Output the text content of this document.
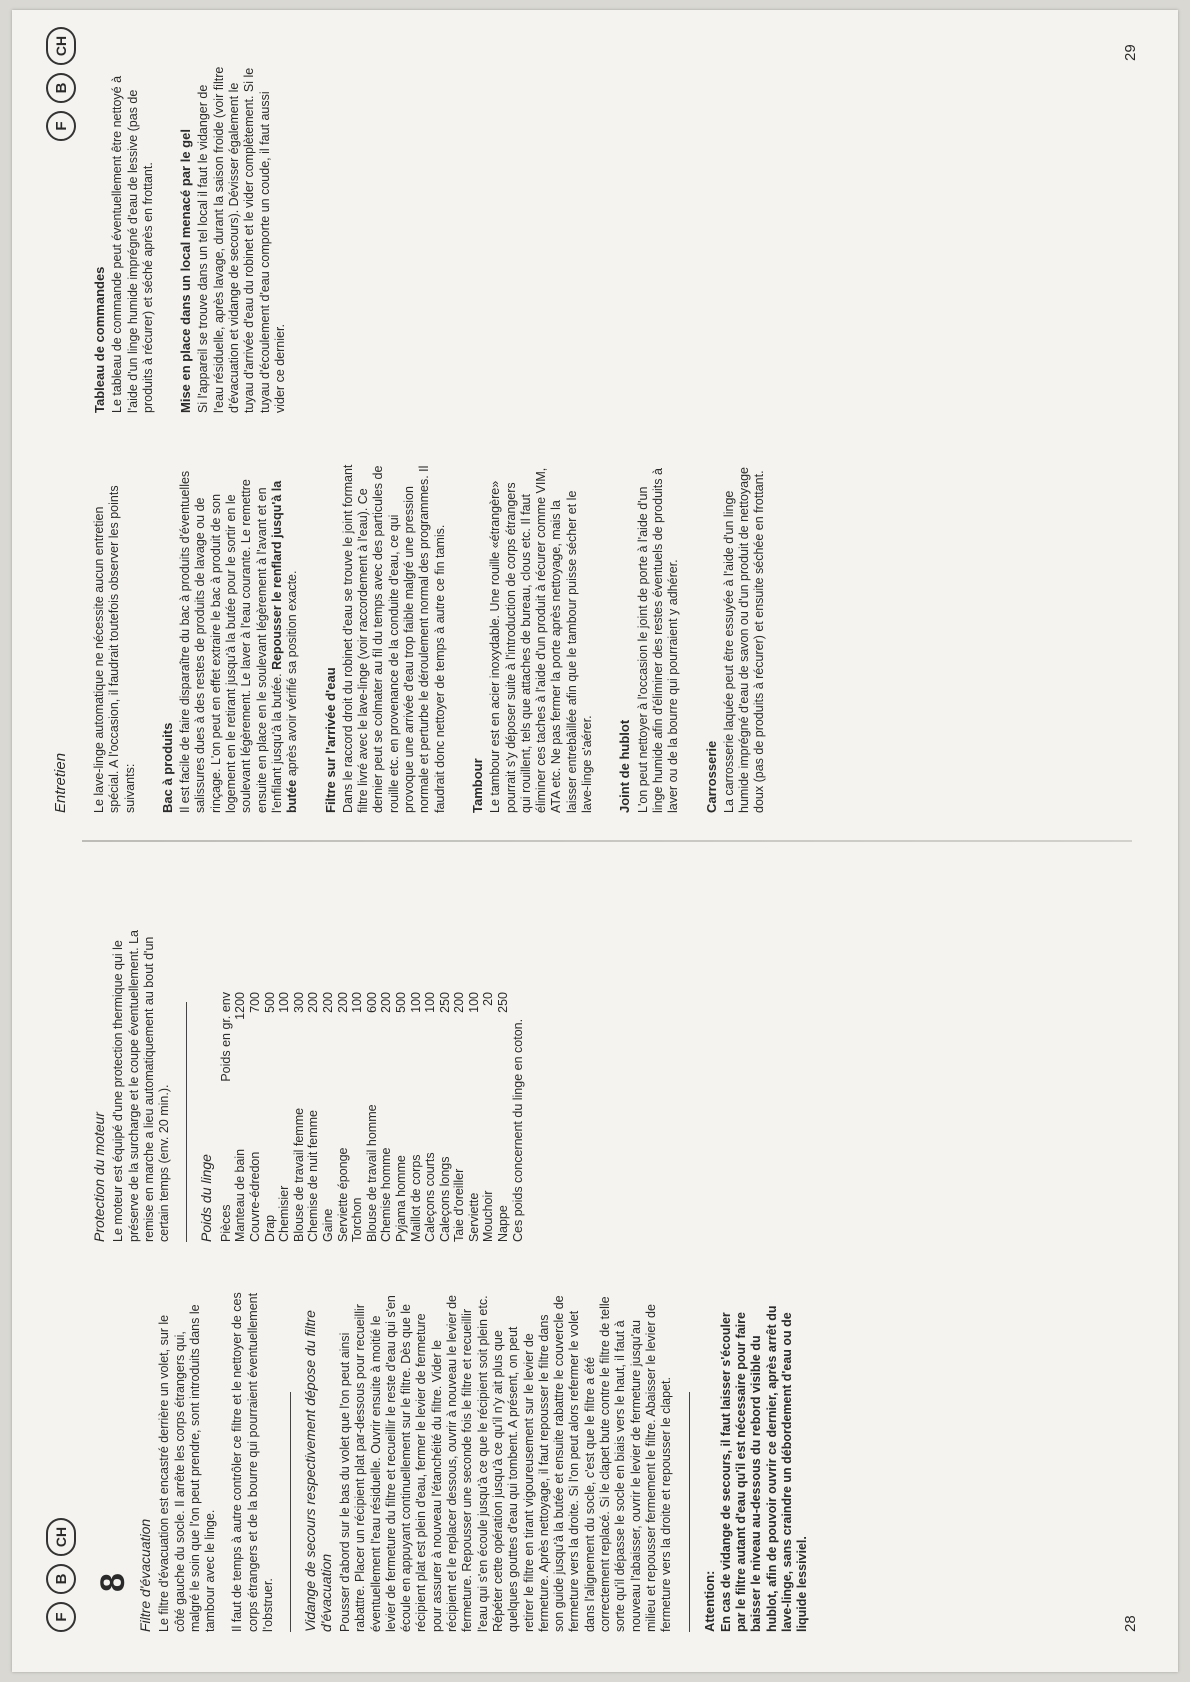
F
B
CH
8 Filtre d'évacuation Le filtre d'évacuation est encastré derrière un volet, sur le côté gauche du socle. Il arrête les corps étrangers qui, malgré le soin que l'on peut prendre, sont introduits dans le tambour avec le linge. Il faut de temps à autre contrôler ce filtre et le nettoyer de ces corps étrangers et de la bourre qui pourraient éventuellement l'obstruer. Vidange de secours respectivement dépose du filtre d'évacuation Pousser d'abord sur le bas du volet que l'on peut ainsi rabattre. Placer un récipient plat par-dessous pour recueillir éventuellement l'eau résiduelle. Ouvrir ensuite à moitié le levier de fermeture du filtre et recueillir le reste d'eau qui s'en écoule en appuyant continuellement sur le filtre. Dès que le récipient plat est plein d'eau, fermer le levier de fermeture pour assurer à nouveau l'étanchéité du filtre. Vider le récipient et le replacer dessous, ouvrir à nouveau le levier de fermeture. Repousser une seconde fois le filtre et recueillir l'eau qui s'en écoule jusqu'à ce que le récipient soit plein etc. Répéter cette opération jusqu'à ce qu'il n'y ait plus que quelques gouttes d'eau qui tombent. A présent, on peut retirer le filtre en tirant vigoureusement sur le levier de fermeture. Après nettoyage, il faut repousser le filtre dans son guide jusqu'à la butée et ensuite rabattre le couvercle de fermeture vers la droite. Si l'on peut alors refermer le volet dans l'alignement du socle, c'est que le filtre a été correctement replacé. Si le clapet bute contre le filtre de telle sorte qu'il dépasse le socle en biais vers le haut, il faut à nouveau l'abaisser, ouvrir le levier de fermeture jusqu'au milieu et repousser fermement le filtre. Abaisser le levier de fermeture vers la droite et repousser le clapet. Attention: En cas de vidange de secours, il faut laisser s'écouler par le filtre autant d'eau qu'il est nécessaire pour faire baisser le niveau au-dessous du rebord visible du hublot, afin de pouvoir ouvrir ce dernier, après arrêt du lave-linge, sans craindre un débordement d'eau ou de liquide lessiviel.

Protection du moteur Le moteur est équipé d'une protection thermique qui le préserve de la surcharge et le coupe éventuellement. La remise en marche a lieu automatiquement au bout d'un certain temps (env. 20 min.). Poids du linge Pièces	Poids en gr. env
Manteau de bain	1200
Couvre-édredon	700
Drap	500
Chemisier	100
Blouse de travail femme	300
Chemise de nuit femme	200
Gaine	200
Serviette éponge	200
Torchon	100
Blouse de travail homme	600
Chemise homme	200
Pyjama homme	500
Maillot de corps	100
Caleçons courts	100
Caleçons longs	250
Taie d'oreiller	200
Serviette	100
Mouchoir	20
Nappe	250

Ces poids concernent du linge en coton.

28
Entretien
F
B
CH

Le lave-linge automatique ne nécessite aucun entretien spécial. A l'occasion, il faudrait toutefois observer les points suivants: Bac à produits Il est facile de faire disparaître du bac à produits d'éventuelles salissures dues à des restes de produits de lavage ou de rinçage. L'on peut en effet extraire le bac à produit de son logement en le retirant jusqu'à la butée pour le sortir en le soulevant légèrement. Le laver à l'eau courante. Le remettre ensuite en place en le soulevant légèrement à l'avant et en l'enfilant jusqu'à la butée. Repousser le renflard jusqu'à la butée après avoir vérifié sa position exacte. Filtre sur l'arrivée d'eau Dans le raccord droit du robinet d'eau se trouve le joint formant filtre livré avec le lave-linge (voir raccordement à l'eau). Ce dernier peut se colmater au fil du temps avec des particules de rouille etc. en provenance de la conduite d'eau, ce qui provoque une arrivée d'eau trop faible malgré une pression normale et perturbe le déroulement normal des programmes. Il faudrait donc nettoyer de temps à autre ce fin tamis. Tambour Le tambour est en acier inoxydable. Une rouille «étrangère» pourrait s'y déposer suite à l'introduction de corps étrangers qui rouillent, tels que attaches de bureau, clous etc. Il faut éliminer ces taches à l'aide d'un produit à récurer comme VIM, ATA etc. Ne pas fermer la porte après nettoyage, mais la laisser entrebâillée afin que le tambour puisse sécher et le lave-linge s'aérer. Joint de hublot L'on peut nettoyer à l'occasion le joint de porte à l'aide d'un linge humide afin d'éliminer des restes éventuels de produits à laver ou de la bourre qui pourraient y adhérer. Carrosserie La carrosserie laquée peut être essuyée à l'aide d'un linge humide imprégné d'eau de savon ou d'un produit de nettoyage doux (pas de produits à récurer) et ensuite séchée en frottant.

Tableau de commandes Le tableau de commande peut éventuellement être nettoyé à l'aide d'un linge humide imprégné d'eau de lessive (pas de produits à récurer) et séché après en frottant. Mise en place dans un local menacé par le gel Si l'appareil se trouve dans un tel local il faut le vidanger de l'eau résiduelle, après lavage, durant la saison froide (voir filtre d'évacuation et vidange de secours). Dévisser également le tuyau d'arrivée d'eau du robinet et le vider complètement. Si le tuyau d'écoulement d'eau comporte un coude, il faut aussi vider ce dernier.

29
